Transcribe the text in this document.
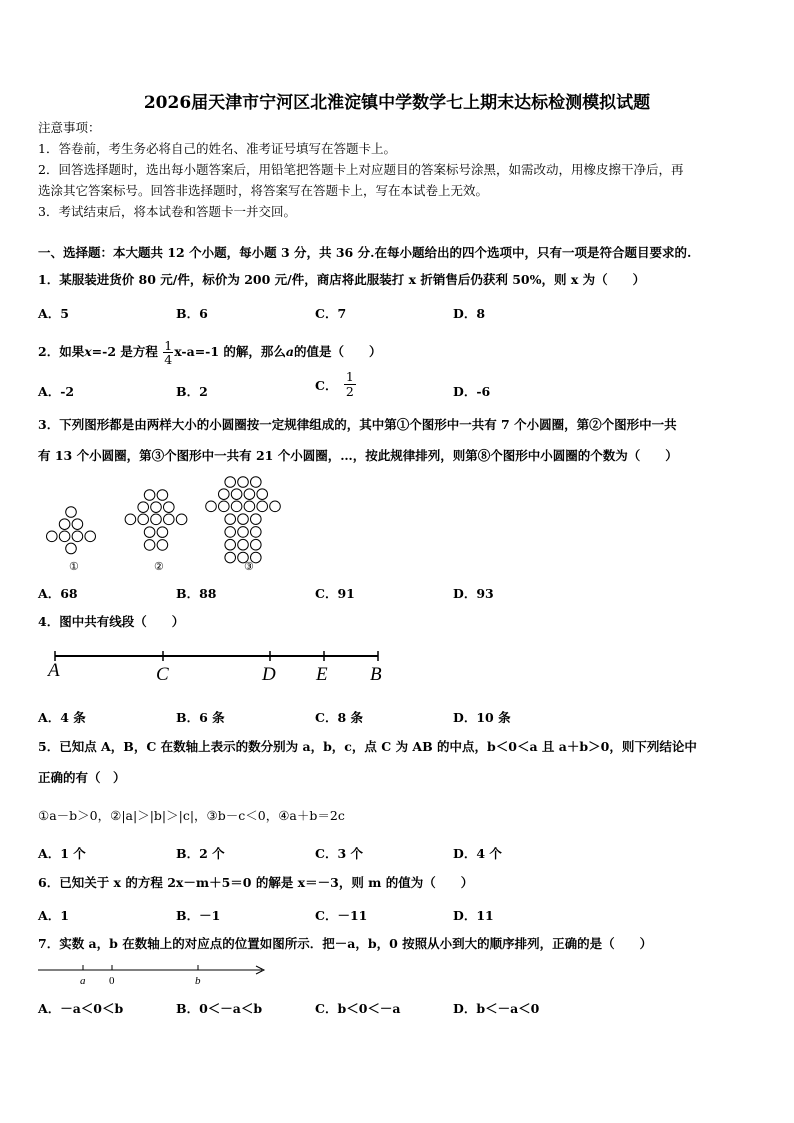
2026届天津市宁河区北淮淀镇中学数学七上期末达标检测模拟试题
注意事项：
1．答卷前，考生务必将自己的姓名、准考证号填写在答题卡上。
2．回答选择题时，选出每小题答案后，用铅笔把答题卡上对应题目的答案标号涂黑，如需改动，用橡皮擦干净后，再
选涂其它答案标号。回答非选择题时，将答案写在答题卡上，写在本试卷上无效。
3．考试结束后，将本试卷和答题卡一并交回。
一、选择题：本大题共 12 个小题，每小题 3 分，共 36 分.在每小题给出的四个选项中，只有一项是符合题目要求的.
1．某服装进货价 80 元/件，标价为 200 元/件，商店将此服装打 x 折销售后仍获利 50%，则 x 为（　　）
A．5	B．6	C．7	D．8
2．如果x=-2 是方程 $\frac{1}{4} x-a=-1$ 的解，那么a的值是（　　）
A．-2	B．2	C． $\frac{1}{2}$	D．-6
3．下列图形都是由两样大小的小圆圈按一定规律组成的，其中第①个图形中一共有 7 个小圆圈，第②个图形中一共
有 13 个小圆圈，第③个图形中一共有 21 个小圆圈，…，按此规律排列，则第⑧个图形中小圆圈的个数为（　　）
①	②	③
A．68	B．88	C．91	D．93
4．图中共有线段（　　）
A	C	D E B
A．4 条	B．6 条	C．8 条	D．10 条
5．已知点 A，B，C 在数轴上表示的数分别为 a，b，c，点 C 为 AB 的中点，b＜0＜a 且 a＋b＞0，则下列结论中
正确的有（　）
①a－b＞0，②|a|＞|b|＞|c|，③b－c＜0，④a＋b＝2c
A．1 个	B．2 个	C．3 个	D．4 个
6．已知关于 x 的方程 2x－m＋5＝0 的解是 x＝－3，则 m 的值为（　　）
A．1	B．－1	C．－11	D．11
7．实数 a，b 在数轴上的对应点的位置如图所示．把－a，b，0 按照从小到大的顺序排列，正确的是（　　）
a 0	b
A．－a＜0＜b	B．0＜－a＜b	C．b＜0＜－a	D．b＜－a＜0
